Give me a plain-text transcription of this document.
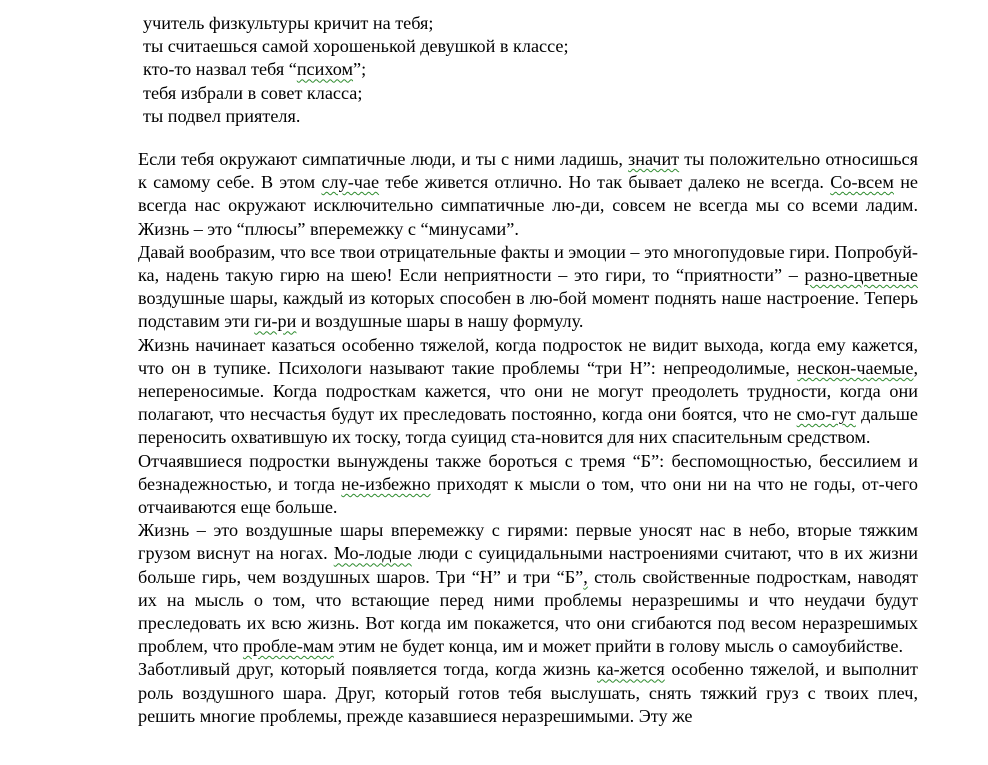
учитель физкультуры кричит на тебя;
ты считаешься самой хорошенькой девушкой в классе;
кто-то назвал тебя “психом”;
тебя избрали в совет класса;
ты подвел приятеля.

Если тебя окружают симпатичные люди, и ты с ними ладишь, значит ты положительно относишься к самому себе. В этом слу-чае тебе живется отлично. Но так бывает далеко не всегда. Со-всем не всегда нас окружают исключительно симпатичные лю-ди, совсем не всегда мы со всеми ладим. Жизнь – это “плюсы” вперемежку с “минусами”.

Давай вообразим, что все твои отрицательные факты и эмоции – это многопудовые гири. Попробуй-ка, надень такую гирю на шею! Если неприятности – это гири, то “приятности” – разно-цветные воздушные шары, каждый из которых способен в лю-бой момент поднять наше настроение. Теперь подставим эти ги-ри и воздушные шары в нашу формулу.

Жизнь начинает казаться особенно тяжелой, когда подросток не видит выхода, когда ему кажется, что он в тупике. Психологи называют такие проблемы “три Н”: непреодолимые, нескон-чаемые, непереносимые. Когда подросткам кажется, что они не могут преодолеть трудности, когда они полагают, что несчастья будут их преследовать постоянно, когда они боятся, что не смо-гут дальше переносить охватившую их тоску, тогда суицид ста-новится для них спасительным средством.

Отчаявшиеся подростки вынуждены также бороться с тремя “Б”: беспомощностью, бессилием и безнадежностью, и тогда не-избежно приходят к мысли о том, что они ни на что не годы, от-чего отчаиваются еще больше.

Жизнь – это воздушные шары вперемежку с гирями: первые уносят нас в небо, вторые тяжким грузом виснут на ногах. Мо-лодые люди с суицидальными настроениями считают, что в их жизни больше гирь, чем воздушных шаров. Три “Н” и три “Б”, столь свойственные подросткам, наводят их на мысль о том, что встающие перед ними проблемы неразрешимы и что неудачи будут преследовать их всю жизнь. Вот когда им покажется, что они сгибаются под весом неразрешимых проблем, что пробле-мам этим не будет конца, им и может прийти в голову мысль о самоубийстве.

Заботливый друг, который появляется тогда, когда жизнь ка-жется особенно тяжелой, и выполнит роль воздушного шара. Друг, который готов тебя выслушать, снять тяжкий груз с твоих плеч, решить многие проблемы, прежде казавшиеся неразрешимыми. Эту же
